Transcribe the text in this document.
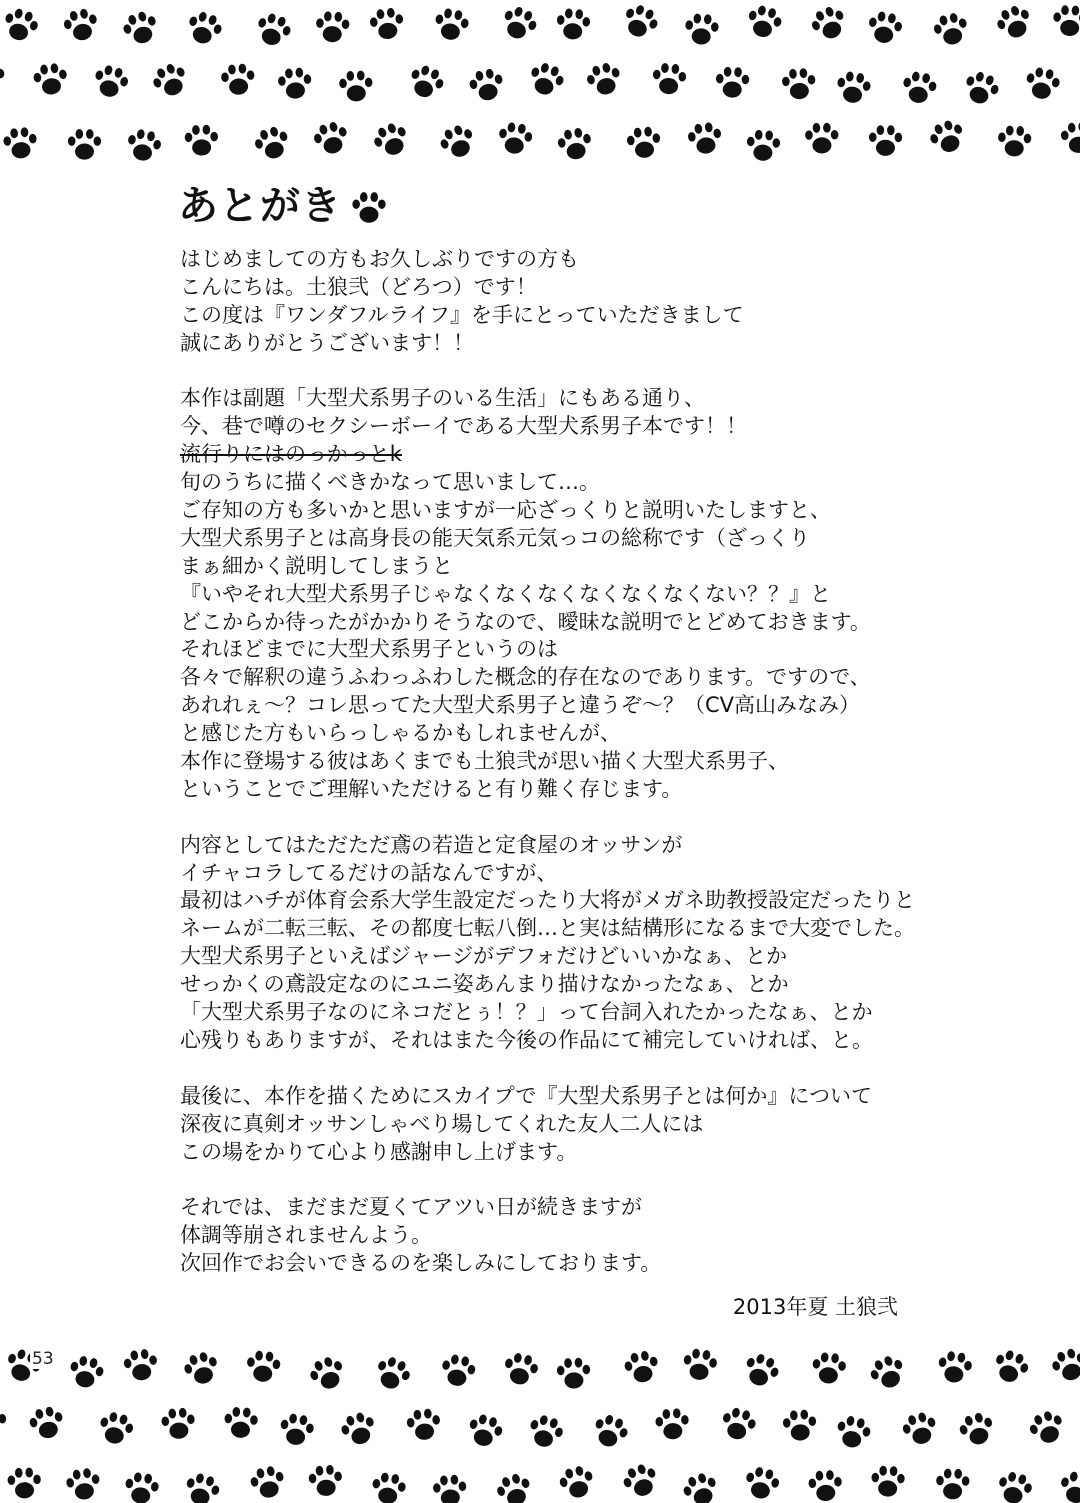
53
あとがき
はじめましての方もお久しぶりですの方も
こんにちは。土狼弐（どろつ）です！
この度は『ワンダフルライフ』を手にとっていただきまして
誠にありがとうございます！！
本作は副題「大型犬系男子のいる生活」にもある通り、
今、巷で噂のセクシーボーイである大型犬系男子本です！！
流行りにはのっかっとk
旬のうちに描くべきかなって思いまして…。
ご存知の方も多いかと思いますが一応ざっくりと説明いたしますと、
大型犬系男子とは高身長の能天気系元気っコの総称です（ざっくり
まぁ細かく説明してしまうと
『いやそれ大型犬系男子じゃなくなくなくなくなくなくない？？』と
どこからか待ったがかかりそうなので、曖昧な説明でとどめておきます。
それほどまでに大型犬系男子というのは
各々で解釈の違うふわっふわした概念的存在なのであります。ですので、
あれれぇ～？コレ思ってた大型犬系男子と違うぞ～？（CV高山みなみ）
と感じた方もいらっしゃるかもしれませんが、
本作に登場する彼はあくまでも土狼弐が思い描く大型犬系男子、
ということでご理解いただけると有り難く存じます。
内容としてはただただ鳶の若造と定食屋のオッサンが
イチャコラしてるだけの話なんですが、
最初はハチが体育会系大学生設定だったり大将がメガネ助教授設定だったりと
ネームが二転三転、その都度七転八倒…と実は結構形になるまで大変でした。
大型犬系男子といえばジャージがデフォだけどいいかなぁ、とか
せっかくの鳶設定なのにユニ姿あんまり描けなかったなぁ、とか
「大型犬系男子なのにネコだとぅ！？」って台詞入れたかったなぁ、とか
心残りもありますが、それはまた今後の作品にて補完していければ、と。
最後に、本作を描くためにスカイプで『大型犬系男子とは何か』について
深夜に真剣オッサンしゃべり場してくれた友人二人には
この場をかりて心より感謝申し上げます。
それでは、まだまだ夏くてアツい日が続きますが
体調等崩されませんよう。
次回作でお会いできるのを楽しみにしております。
2013年夏 土狼弐
